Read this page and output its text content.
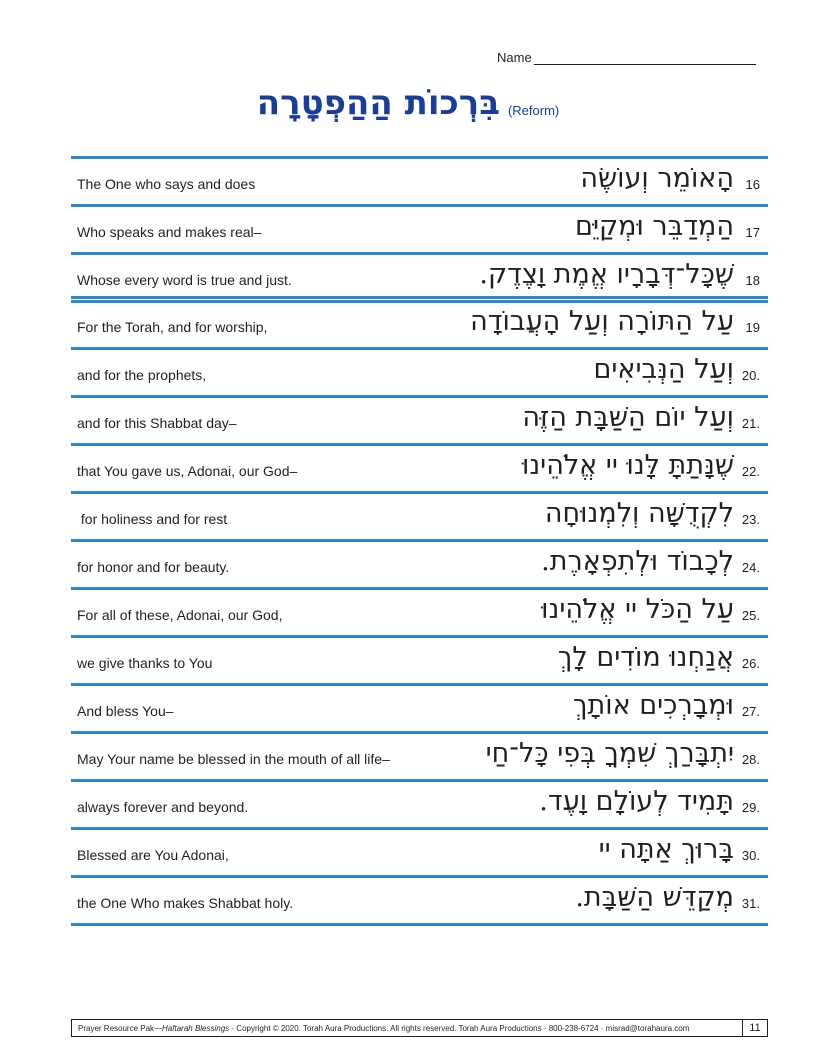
Name
בִּרְכוֹת הַהַפְטָרָה (Reform)
The One who says and does	הָאוֹמֵר וְעוֹשֶׂה 16
Who speaks and makes real–	הַמְדַבֵּר וּמְקַיֵּם 17
Whose every word is true and just.	שֶׁכָּל־דְּבָרָיו אֱמֶת וָצֶדֶק. 18
For the Torah, and for worship,	עַל הַתּוֹרָה וְעַל הָעֲבוֹדָה 19
and for the prophets,	וְעַל הַנְּבִיאִים 20.
and for this Shabbat day–	וְעַל יוֹם הַשַּׁבָּת הַזֶּה 21.
that You gave us, Adonai, our God–	שֶׁנָּתַתָּ לָּנוּ יי אֱלֹהֵינוּ 22.
for holiness and for rest	לִקְדֻשָּׁה וְלִמְנוּחָה 23.
for honor and for beauty.	לְכָבוֹד וּלְתִפְאָרֶת. 24.
For all of these, Adonai, our God,	עַל הַכֹּל יי אֱלֹהֵינוּ 25.
we give thanks to You	אֲנַחְנוּ מוֹדִים לָךְ 26.
And bless You–	וּמְבָרְכִים אוֹתָךְ 27.
May Your name be blessed in the mouth of all life–	יִתְבָּרַךְ שִׁמְךָ בְּפִי כָּל־חַי 28.
always forever and beyond.	תָּמִיד לְעוֹלָם וָעֶד. 29.
Blessed are You Adonai,	בָּרוּךְ אַתָּה יי 30.
the One Who makes Shabbat holy.	מְקַדֵּשׁ הַשַּׁבָּת. 31.
Prayer Resource Pak—Haftarah Blessings · Copyright © 2020. Torah Aura Productions. All rights reserved. Torah Aura Productions · 800-238-6724 · misrad@torahaura.com	11
